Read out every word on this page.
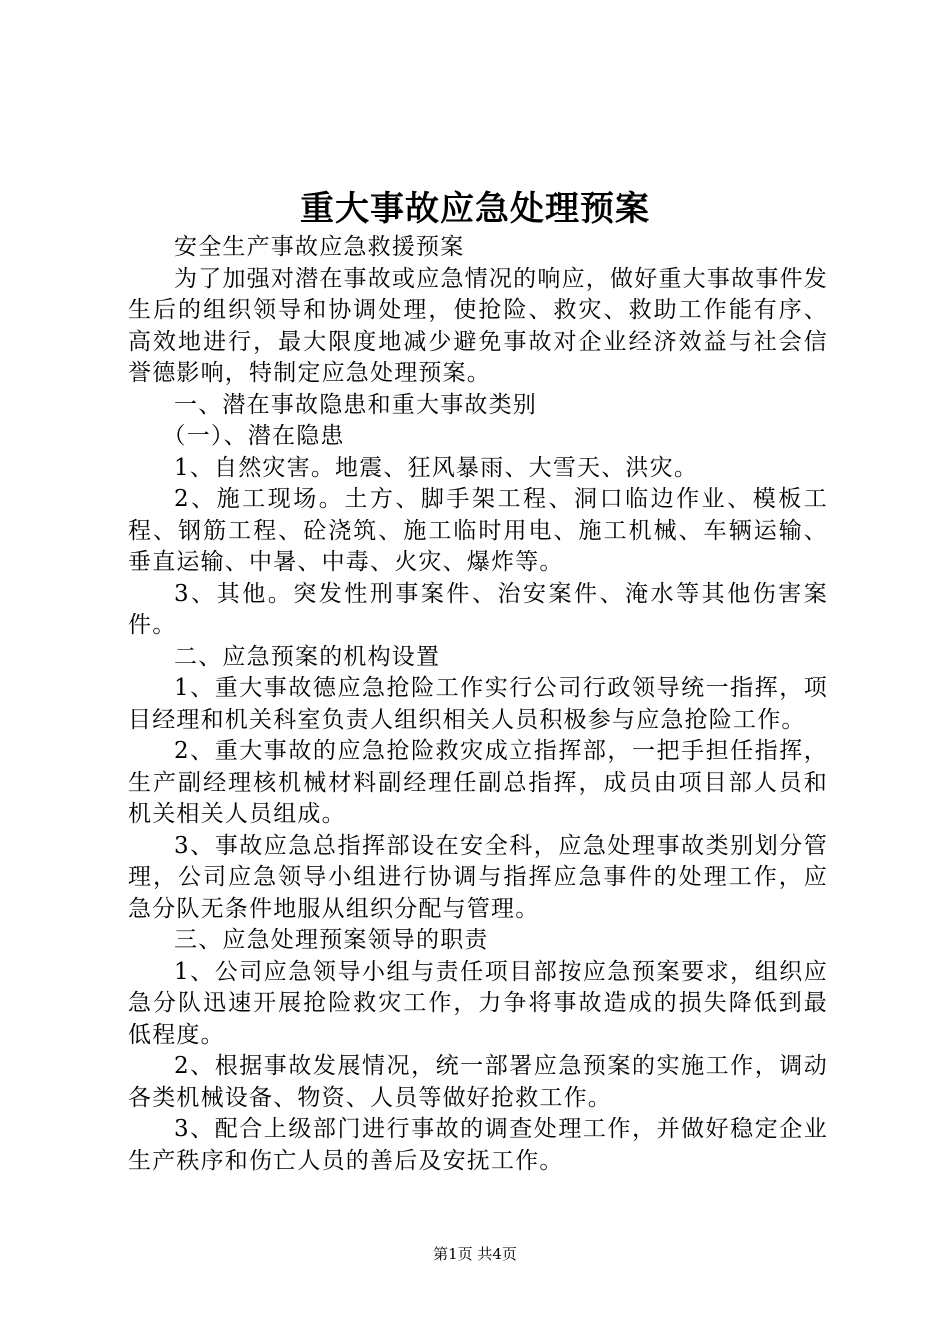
重大事故应急处理预案

安全生产事故应急救援预案

为了加强对潜在事故或应急情况的响应，做好重大事故事件发生后的组织领导和协调处理，使抢险、救灾、救助工作能有序、高效地进行，最大限度地减少避免事故对企业经济效益与社会信誉德影响，特制定应急处理预案。

一、潜在事故隐患和重大事故类别

（一）、潜在隐患

1、自然灾害。地震、狂风暴雨、大雪天、洪灾。

2、施工现场。土方、脚手架工程、洞口临边作业、模板工程、钢筋工程、砼浇筑、施工临时用电、施工机械、车辆运输、垂直运输、中暑、中毒、火灾、爆炸等。

3、其他。突发性刑事案件、治安案件、淹水等其他伤害案件。

二、应急预案的机构设置

1、重大事故德应急抢险工作实行公司行政领导统一指挥，项目经理和机关科室负责人组织相关人员积极参与应急抢险工作。

2、重大事故的应急抢险救灾成立指挥部，一把手担任指挥，生产副经理核机械材料副经理任副总指挥，成员由项目部人员和机关相关人员组成。

3、事故应急总指挥部设在安全科，应急处理事故类别划分管理，公司应急领导小组进行协调与指挥应急事件的处理工作，应急分队无条件地服从组织分配与管理。

三、应急处理预案领导的职责

1、公司应急领导小组与责任项目部按应急预案要求，组织应急分队迅速开展抢险救灾工作，力争将事故造成的损失降低到最低程度。

2、根据事故发展情况，统一部署应急预案的实施工作，调动各类机械设备、物资、人员等做好抢救工作。

3、配合上级部门进行事故的调查处理工作，并做好稳定企业生产秩序和伤亡人员的善后及安抚工作。

第1页 共4页
